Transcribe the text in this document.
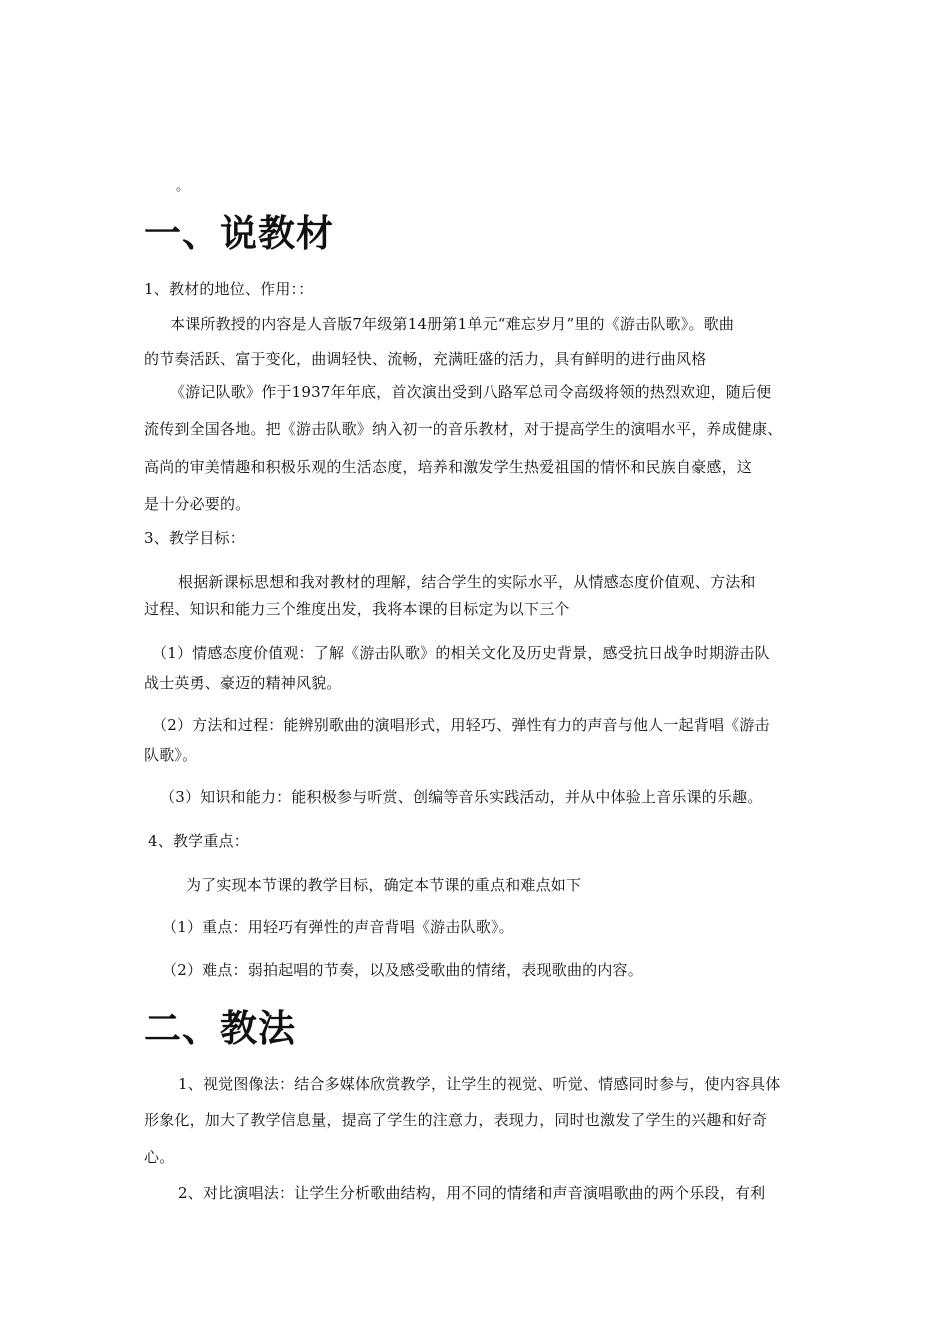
。
一、说教材
1、教材的地位、作用：：
本课所教授的内容是人音版7年级第14册第1单元“难忘岁月”里的《游击队歌》。歌曲
的节奏活跃、富于变化，曲调轻快、流畅，充满旺盛的活力，具有鲜明的进行曲风格
《游记队歌》作于1937年年底，首次演出受到八路军总司令高级将领的热烈欢迎，随后便
流传到全国各地。把《游击队歌》纳入初一的音乐教材，对于提高学生的演唱水平，养成健康、
高尚的审美情趣和积极乐观的生活态度，培养和激发学生热爱祖国的情怀和民族自豪感，这
是十分必要的。
3、教学目标：
根据新课标思想和我对教材的理解，结合学生的实际水平，从情感态度价值观、方法和
过程、知识和能力三个维度出发，我将本课的目标定为以下三个
（1）情感态度价值观：了解《游击队歌》的相关文化及历史背景，感受抗日战争时期游击队
战士英勇、豪迈的精神风貌。
（2）方法和过程：能辨别歌曲的演唱形式，用轻巧、弹性有力的声音与他人一起背唱《游击
队歌》。
（3）知识和能力：能积极参与听赏、创编等音乐实践活动，并从中体验上音乐课的乐趣。
4、教学重点：
为了实现本节课的教学目标，确定本节课的重点和难点如下
（1）重点：用轻巧有弹性的声音背唱《游击队歌》。
（2）难点：弱拍起唱的节奏，以及感受歌曲的情绪，表现歌曲的内容。
二、教法
1、视觉图像法：结合多媒体欣赏教学，让学生的视觉、听觉、情感同时参与，使内容具体
形象化，加大了教学信息量，提高了学生的注意力，表现力，同时也激发了学生的兴趣和好奇
心。
2、对比演唱法：让学生分析歌曲结构，用不同的情绪和声音演唱歌曲的两个乐段，有利
